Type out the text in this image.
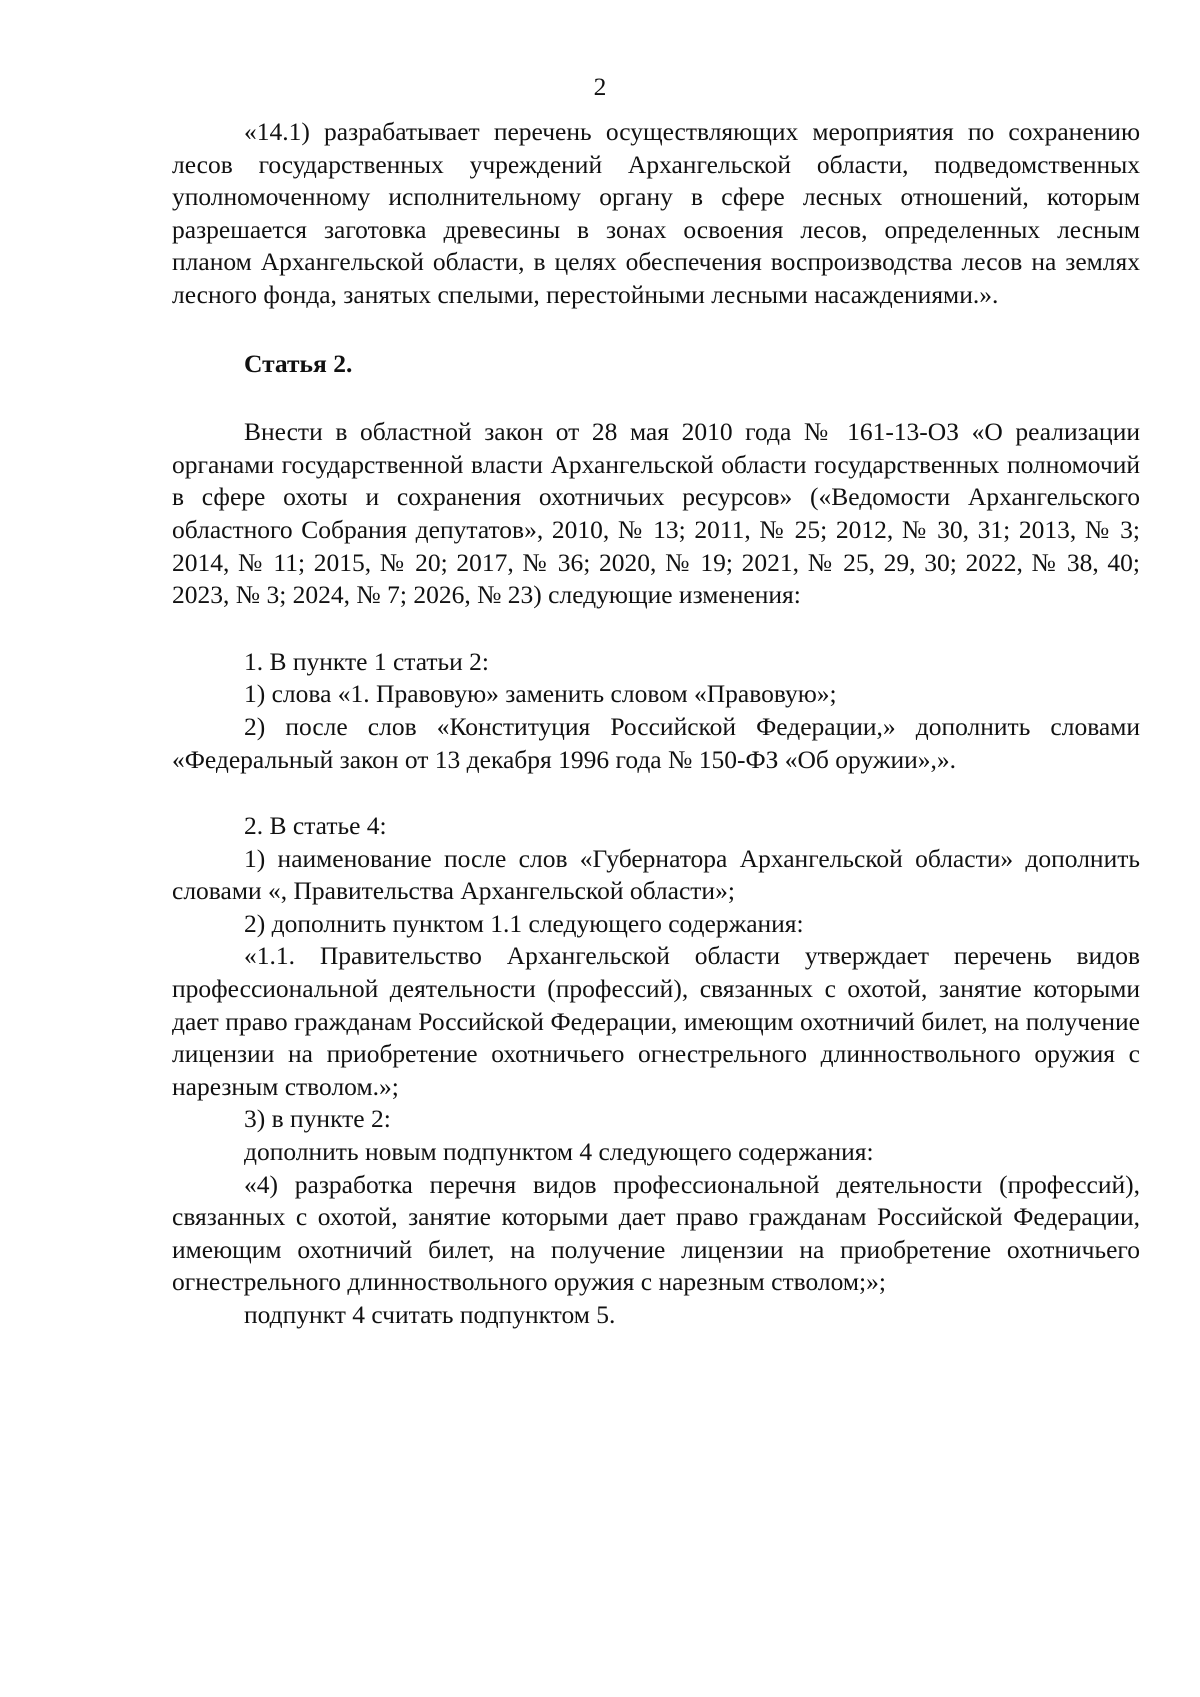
2

«14.1) разрабатывает перечень осуществляющих мероприятия по сохранению лесов государственных учреждений Архангельской области, подведомственных уполномоченному исполнительному органу в сфере лесных отношений, которым разрешается заготовка древесины в зонах освоения лесов, определенных лесным планом Архангельской области, в целях обеспечения воспроизводства лесов на землях лесного фонда, занятых спелыми, перестойными лесными насаждениями.».

Статья 2.

Внести в областной закон от 28 мая 2010 года № 161-13-ОЗ «О реализации органами государственной власти Архангельской области государственных полномочий в сфере охоты и сохранения охотничьих ресурсов» («Ведомости Архангельского областного Собрания депутатов», 2010, № 13; 2011, № 25; 2012, № 30, 31; 2013, № 3; 2014, № 11; 2015, № 20; 2017, № 36; 2020, № 19; 2021, № 25, 29, 30; 2022, № 38, 40; 2023, № 3; 2024, № 7; 2026, № 23) следующие изменения:

1. В пункте 1 статьи 2:

1) слова «1. Правовую» заменить словом «Правовую»;

2) после слов «Конституция Российской Федерации,» дополнить словами «Федеральный закон от 13 декабря 1996 года № 150-ФЗ «Об оружии»,».

2. В статье 4:

1) наименование после слов «Губернатора Архангельской области» дополнить словами «, Правительства Архангельской области»;

2) дополнить пунктом 1.1 следующего содержания:

«1.1. Правительство Архангельской области утверждает перечень видов профессиональной деятельности (профессий), связанных с охотой, занятие которыми дает право гражданам Российской Федерации, имеющим охотничий билет, на получение лицензии на приобретение охотничьего огнестрельного длинноствольного оружия с нарезным стволом.»;

3) в пункте 2:

дополнить новым подпунктом 4 следующего содержания:

«4) разработка перечня видов профессиональной деятельности (профессий), связанных с охотой, занятие которыми дает право гражданам Российской Федерации, имеющим охотничий билет, на получение лицензии на приобретение охотничьего огнестрельного длинноствольного оружия с нарезным стволом;»;

подпункт 4 считать подпунктом 5.
